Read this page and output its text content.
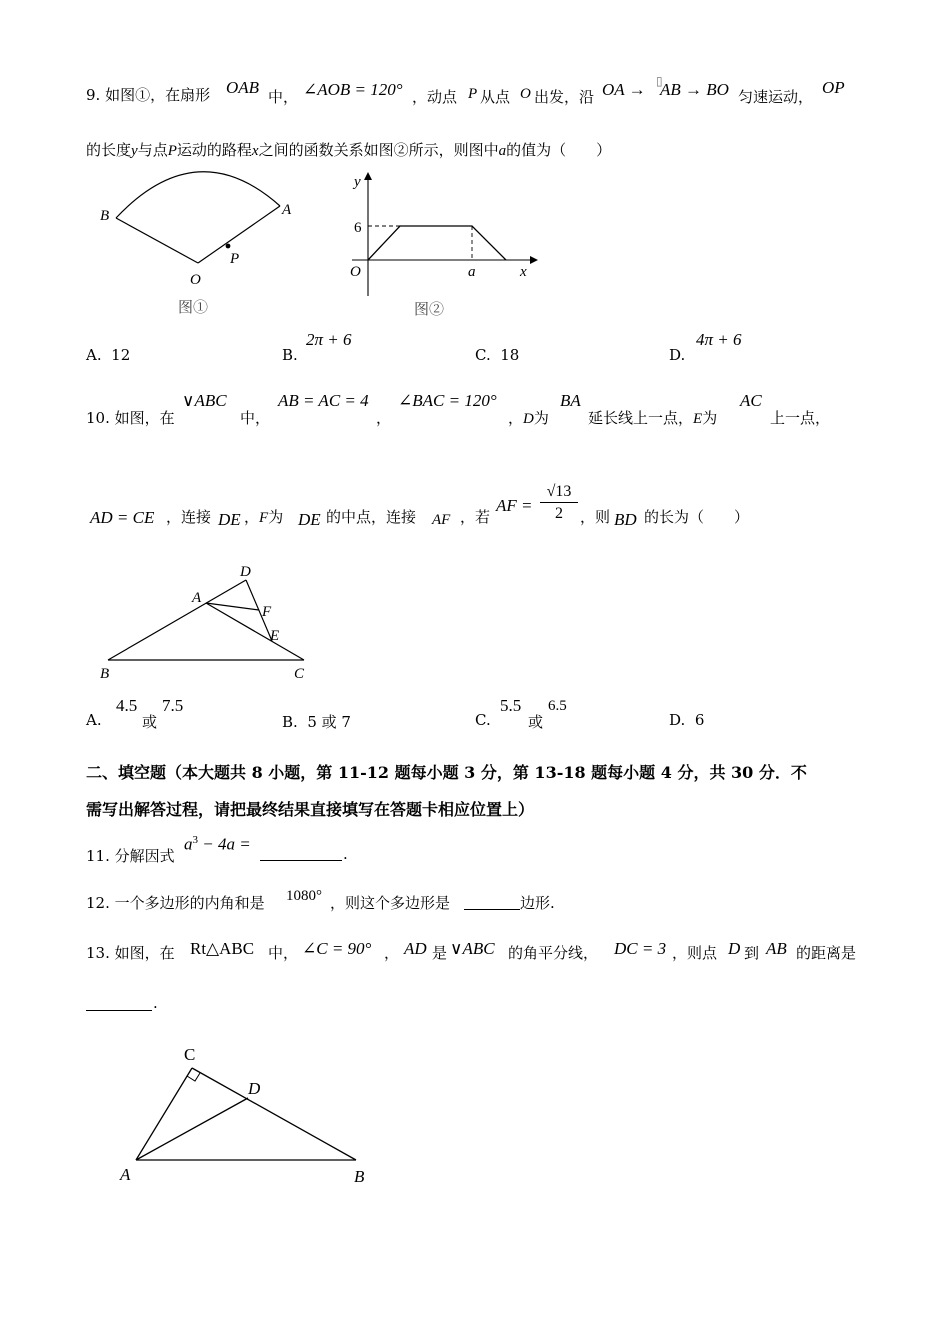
9. 如图①，在扇形 OAB 中， ∠AOB = 120° ，动点 P 从点 O 出发，沿 OA → ▯
AB → BO 匀速运动， OP
的长度y与点P运动的路程x之间的函数关系如图②所示，则图中a的值为（　　）
B	A
P
O
图①
y
6
O	a	x
图②
A. 12	B.
2π + 6
C. 18	D.
4π + 6
10. 如图，在
∨ABC
中，
AB = AC = 4
，
∠BAC = 120°
，D为
BA
延长线上一点，E为
AC
上一点，
AD = CE ，连接 DE ，F为 DE 的中点，连接 AF ，若
AF =
√13
2	，则 BD 的长为（　　）
D
A
F
E
B	C
A.
4.5
或
7.5
B. 5 或 7	C.
5.5
或
6.5
D. 6
二、填空题（本大题共 8 小题，第 11-12 题每小题 3 分，第 13-18 题每小题 4 分，共 30 分．不
需写出解答过程，请把最终结果直接填写在答题卡相应位置上）
11. 分解因式
$a^3 - 4a$ =
.
12. 一个多边形的内角和是 1080° ，则这个多边形是	边形.
13. 如图，在 Rt△ABC 中， ∠C = 90° ， AD 是 ∨ABC 的角平分线， DC = 3 ，则点 D 到 AB 的距离是
.
C
D
A	B
